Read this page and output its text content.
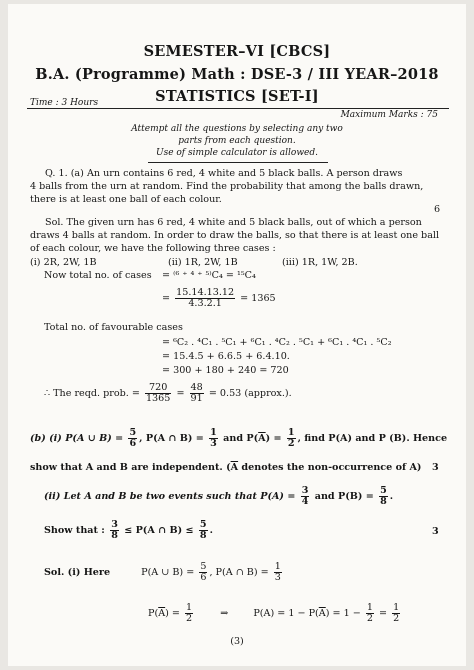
SEMESTER–VI [CBCS]
B.A. (Programme) Math : DSE-3 / III YEAR–2018
STATISTICS [SET-I]
Time : 3 Hours
Maximum Marks : 75
Attempt all the questions by selecting any two
parts from each question.
Use of simple calculator is allowed.
Q. 1. (a) An urn contains 6 red, 4 white and 5 black balls. A person draws
4 balls from the urn at random. Find the probability that among the balls drawn,
there is at least one ball of each colour.
6
Sol. The given urn has 6 red, 4 white and 5 black balls, out of which a person
draws 4 balls at random. In order to draw the balls, so that there is at least one ball
of each colour, we have the following three cases :
(i) 2R, 2W, 1B	(ii) 1R, 2W, 1B	(iii) 1R, 1W, 2B.
Now total no. of cases = ⁽⁶ ⁺ ⁴ ⁺ ⁵⁾C₄ = ¹⁵C₄
= $\frac{15.14.13.12}{4.3.2.1} = 1365$
Total no. of favourable cases
= ⁶C₂ . ⁴C₁ . ⁵C₁ + ⁶C₁ . ⁴C₂ . ⁵C₁ + ⁶C₁ . ⁴C₁ . ⁵C₂
= 15.4.5 + 6.6.5 + 6.4.10.
= 300 + 180 + 240 = 720
∴ The reqd. prob. = $\frac{720}{1365} = \frac{48}{91} = 0.53$ (approx.).
(b) (i) P(A ∪ $B) = \frac{5}{6}$ , P(A ∩ $B) = \frac{1}{3}$ and $P(\overline{A}) = \frac{1}{2}$ , find P(A) and P (B). Hence
show that A and B are independent. ($\overline{A}$ denotes the non-occurrence of A) 3
(ii) Let A and B be two events such that $P(A) = \frac{3}{4}$ and $P(B) = \frac{5}{8}$ .
Show that : $\frac{3}{8} \le P(A$ ∩ $B) \le \frac{5}{8}$ .	3
Sol. (i) Here	P(A ∪ $B) = \frac{5}{6}$ , P(A ∩ $B) = \frac{1}{3}$
$P(\overline{A}) = \frac{1}{2}$	⇒	$P(A) = 1 - P(\overline{A}) = 1 - \frac{1}{2} = \frac{1}{2}$
(3)
